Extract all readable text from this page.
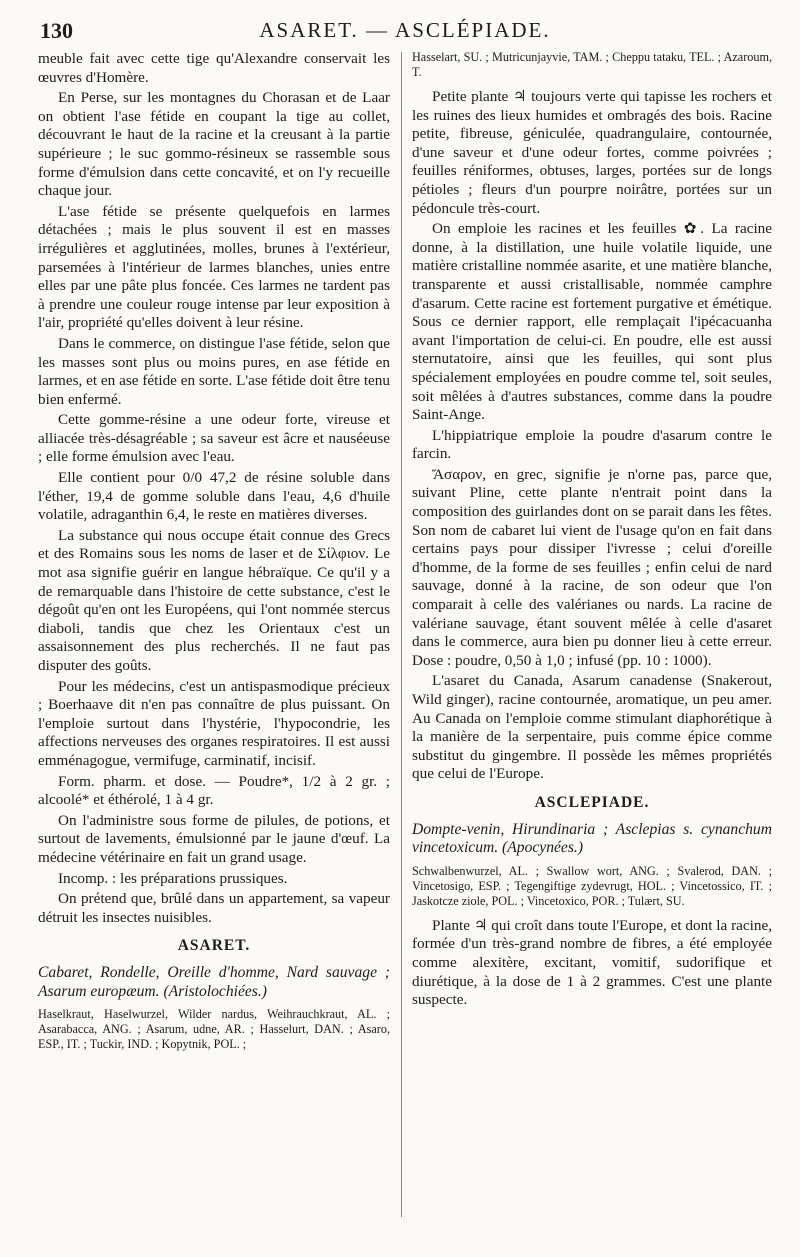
130	ASARET. — ASCLÉPIADE.

meuble fait avec cette tige qu'Alexandre conservait les œuvres d'Homère.

En Perse, sur les montagnes du Chorasan et de Laar on obtient l'ase fétide en coupant la tige au collet, découvrant le haut de la racine et la creusant à la partie supérieure ; le suc gommo-résineux se rassemble sous forme d'émulsion dans cette concavité, et on l'y recueille chaque jour.

L'ase fétide se présente quelquefois en larmes détachées ; mais le plus souvent il est en masses irrégulières et agglutinées, molles, brunes à l'extérieur, parsemées à l'intérieur de larmes blanches, unies entre elles par une pâte plus foncée. Ces larmes ne tardent pas à prendre une couleur rouge intense par leur exposition à l'air, propriété qu'elles doivent à leur résine.

Dans le commerce, on distingue l'ase fétide, selon que les masses sont plus ou moins pures, en ase fétide en larmes, et en ase fétide en sorte. L'ase fétide doit être tenu bien enfermé.

Cette gomme-résine a une odeur forte, vireuse et alliacée très-désagréable ; sa saveur est âcre et nauséeuse ; elle forme émulsion avec l'eau.

Elle contient pour 0/0 47,2 de résine soluble dans l'éther, 19,4 de gomme soluble dans l'eau, 4,6 d'huile volatile, adraganthin 6,4, le reste en matières diverses.

La substance qui nous occupe était connue des Grecs et des Romains sous les noms de laser et de Σίλφιον. Le mot asa signifie guérir en langue hébraïque. Ce qu'il y a de remarquable dans l'histoire de cette substance, c'est le dégoût qu'en ont les Européens, qui l'ont nommée stercus diaboli, tandis que chez les Orientaux c'est un assaisonnement des plus recherchés. Il ne faut pas disputer des goûts.

Pour les médecins, c'est un antispasmodique précieux ; Boerhaave dit n'en pas connaître de plus puissant. On l'emploie surtout dans l'hystérie, l'hypocondrie, les affections nerveuses des organes respiratoires. Il est aussi emménagogue, vermifuge, carminatif, incisif.

Form. pharm. et dose. — Poudre*, 1/2 à 2 gr. ; alcoolé* et éthérolé, 1 à 4 gr.

On l'administre sous forme de pilules, de potions, et surtout de lavements, émulsionné par le jaune d'œuf. La médecine vétérinaire en fait un grand usage.

Incomp. : les préparations prussiques.

On prétend que, brûlé dans un appartement, sa vapeur détruit les insectes nuisibles.

ASARET.

Cabaret, Rondelle, Oreille d'homme, Nard sauvage ; Asarum europæum. (Aristolochiées.)

Haselkraut, Haselwurzel, Wilder nardus, Weihrauchkraut, AL. ; Asarabacca, ANG. ; Asarum, udne, AR. ; Hasselurt, DAN. ; Asaro, ESP., IT. ; Tuckir, IND. ; Kopytnik, POL. ;

Hasselart, SU. ; Mutricunjayvie, TAM. ; Cheppu tataku, TEL. ; Azaroum, T.

Petite plante ♃ toujours verte qui tapisse les rochers et les ruines des lieux humides et ombragés des bois. Racine petite, fibreuse, géniculée, quadrangulaire, contournée, d'une saveur et d'une odeur fortes, comme poivrées ; feuilles réniformes, obtuses, larges, portées sur de longs pétioles ; fleurs d'un pourpre noirâtre, portées sur un pédoncule très-court.

On emploie les racines et les feuilles ✿. La racine donne, à la distillation, une huile volatile liquide, une matière cristalline nommée asarite, et une matière blanche, transparente et aussi cristallisable, nommée camphre d'asarum. Cette racine est fortement purgative et émétique. Sous ce dernier rapport, elle remplaçait l'ipécacuanha avant l'importation de celui-ci. En poudre, elle est aussi sternutatoire, ainsi que les feuilles, qui sont plus spécialement employées en poudre comme tel, soit seules, soit mêlées à d'autres substances, comme dans la poudre Saint-Ange.

L'hippiatrique emploie la poudre d'asarum contre le farcin.

Ἄσαρον, en grec, signifie je n'orne pas, parce que, suivant Pline, cette plante n'entrait point dans la composition des guirlandes dont on se parait dans les fêtes. Son nom de cabaret lui vient de l'usage qu'on en fait dans certains pays pour dissiper l'ivresse ; celui d'oreille d'homme, de la forme de ses feuilles ; enfin celui de nard sauvage, donné à la racine, de son odeur que l'on comparait à celle des valérianes ou nards. La racine de valériane sauvage, étant souvent mêlée à celle d'asaret dans le commerce, aura bien pu donner lieu à cette erreur. Dose : poudre, 0,50 à 1,0 ; infusé (pp. 10 : 1000).

L'asaret du Canada, Asarum canadense (Snakerout, Wild ginger), racine contournée, aromatique, un peu amer. Au Canada on l'emploie comme stimulant diaphorétique à la manière de la serpentaire, puis comme épice comme substitut du gingembre. Il possède les mêmes propriétés que celui de l'Europe.

ASCLEPIADE.

Dompte-venin, Hirundinaria ; Asclepias s. cynanchum vincetoxicum. (Apocynées.)

Schwalbenwurzel, AL. ; Swallow wort, ANG. ; Svalerod, DAN. ; Vincetosigo, ESP. ; Tegengiftige zydevrugt, HOL. ; Vincetossico, IT. ; Jaskotcze ziole, POL. ; Vincetoxico, POR. ; Tulært, SU.

Plante ♃ qui croît dans toute l'Europe, et dont la racine, formée d'un très-grand nombre de fibres, a été employée comme alexitère, excitant, vomitif, sudorifique et diurétique, à la dose de 1 à 2 grammes. C'est une plante suspecte.
